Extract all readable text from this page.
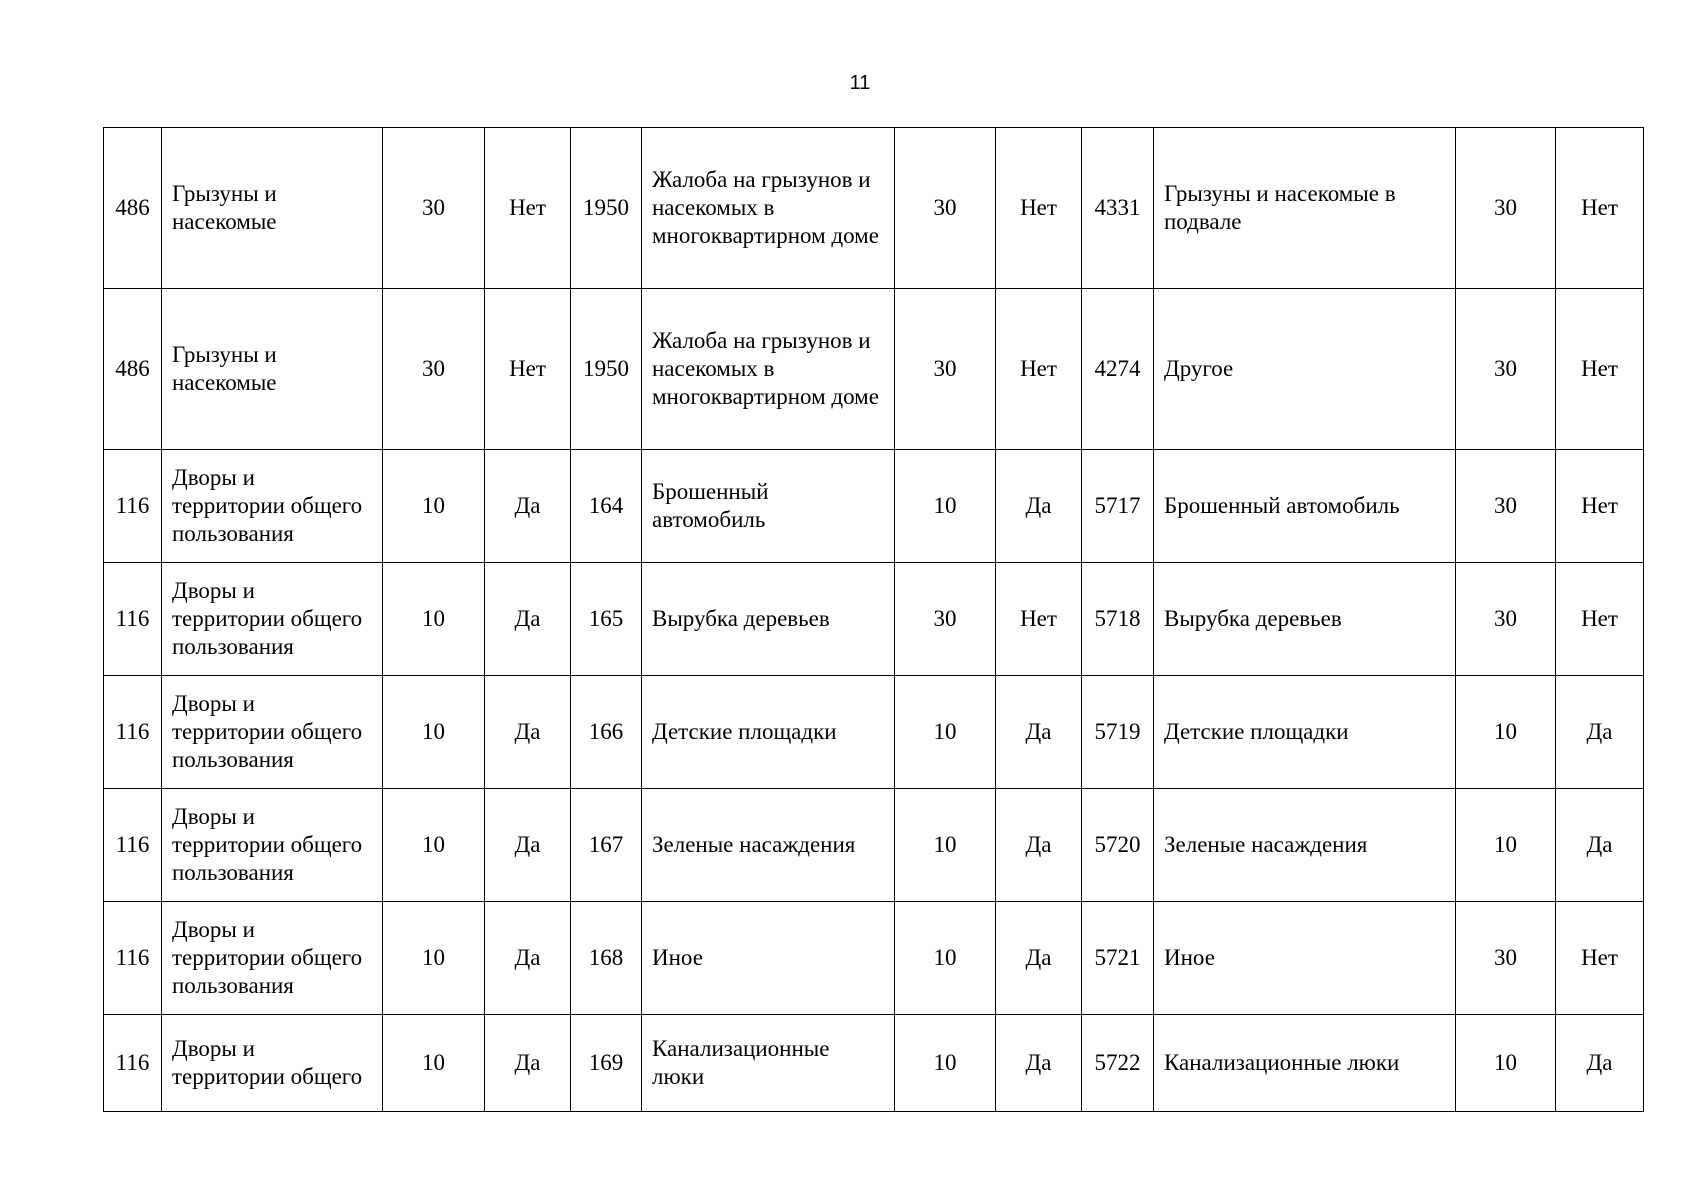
11
486	Грызуны и насекомые	30	Нет	1950	Жалоба на грызунов и насекомых в многоквартирном доме	30	Нет	4331	Грызуны и насекомые в подвале	30	Нет
486	Грызуны и насекомые	30	Нет	1950	Жалоба на грызунов и насекомых в многоквартирном доме	30	Нет	4274	Другое	30	Нет
116	Дворы и территории общего пользования	10	Да	164	Брошенный автомобиль	10	Да	5717	Брошенный автомобиль	30	Нет
116	Дворы и территории общего пользования	10	Да	165	Вырубка деревьев	30	Нет	5718	Вырубка деревьев	30	Нет
116	Дворы и территории общего пользования	10	Да	166	Детские площадки	10	Да	5719	Детские площадки	10	Да
116	Дворы и территории общего пользования	10	Да	167	Зеленые насаждения	10	Да	5720	Зеленые насаждения	10	Да
116	Дворы и территории общего пользования	10	Да	168	Иное	10	Да	5721	Иное	30	Нет
116	Дворы и территории общего	10	Да	169	Канализационные люки	10	Да	5722	Канализационные люки	10	Да
